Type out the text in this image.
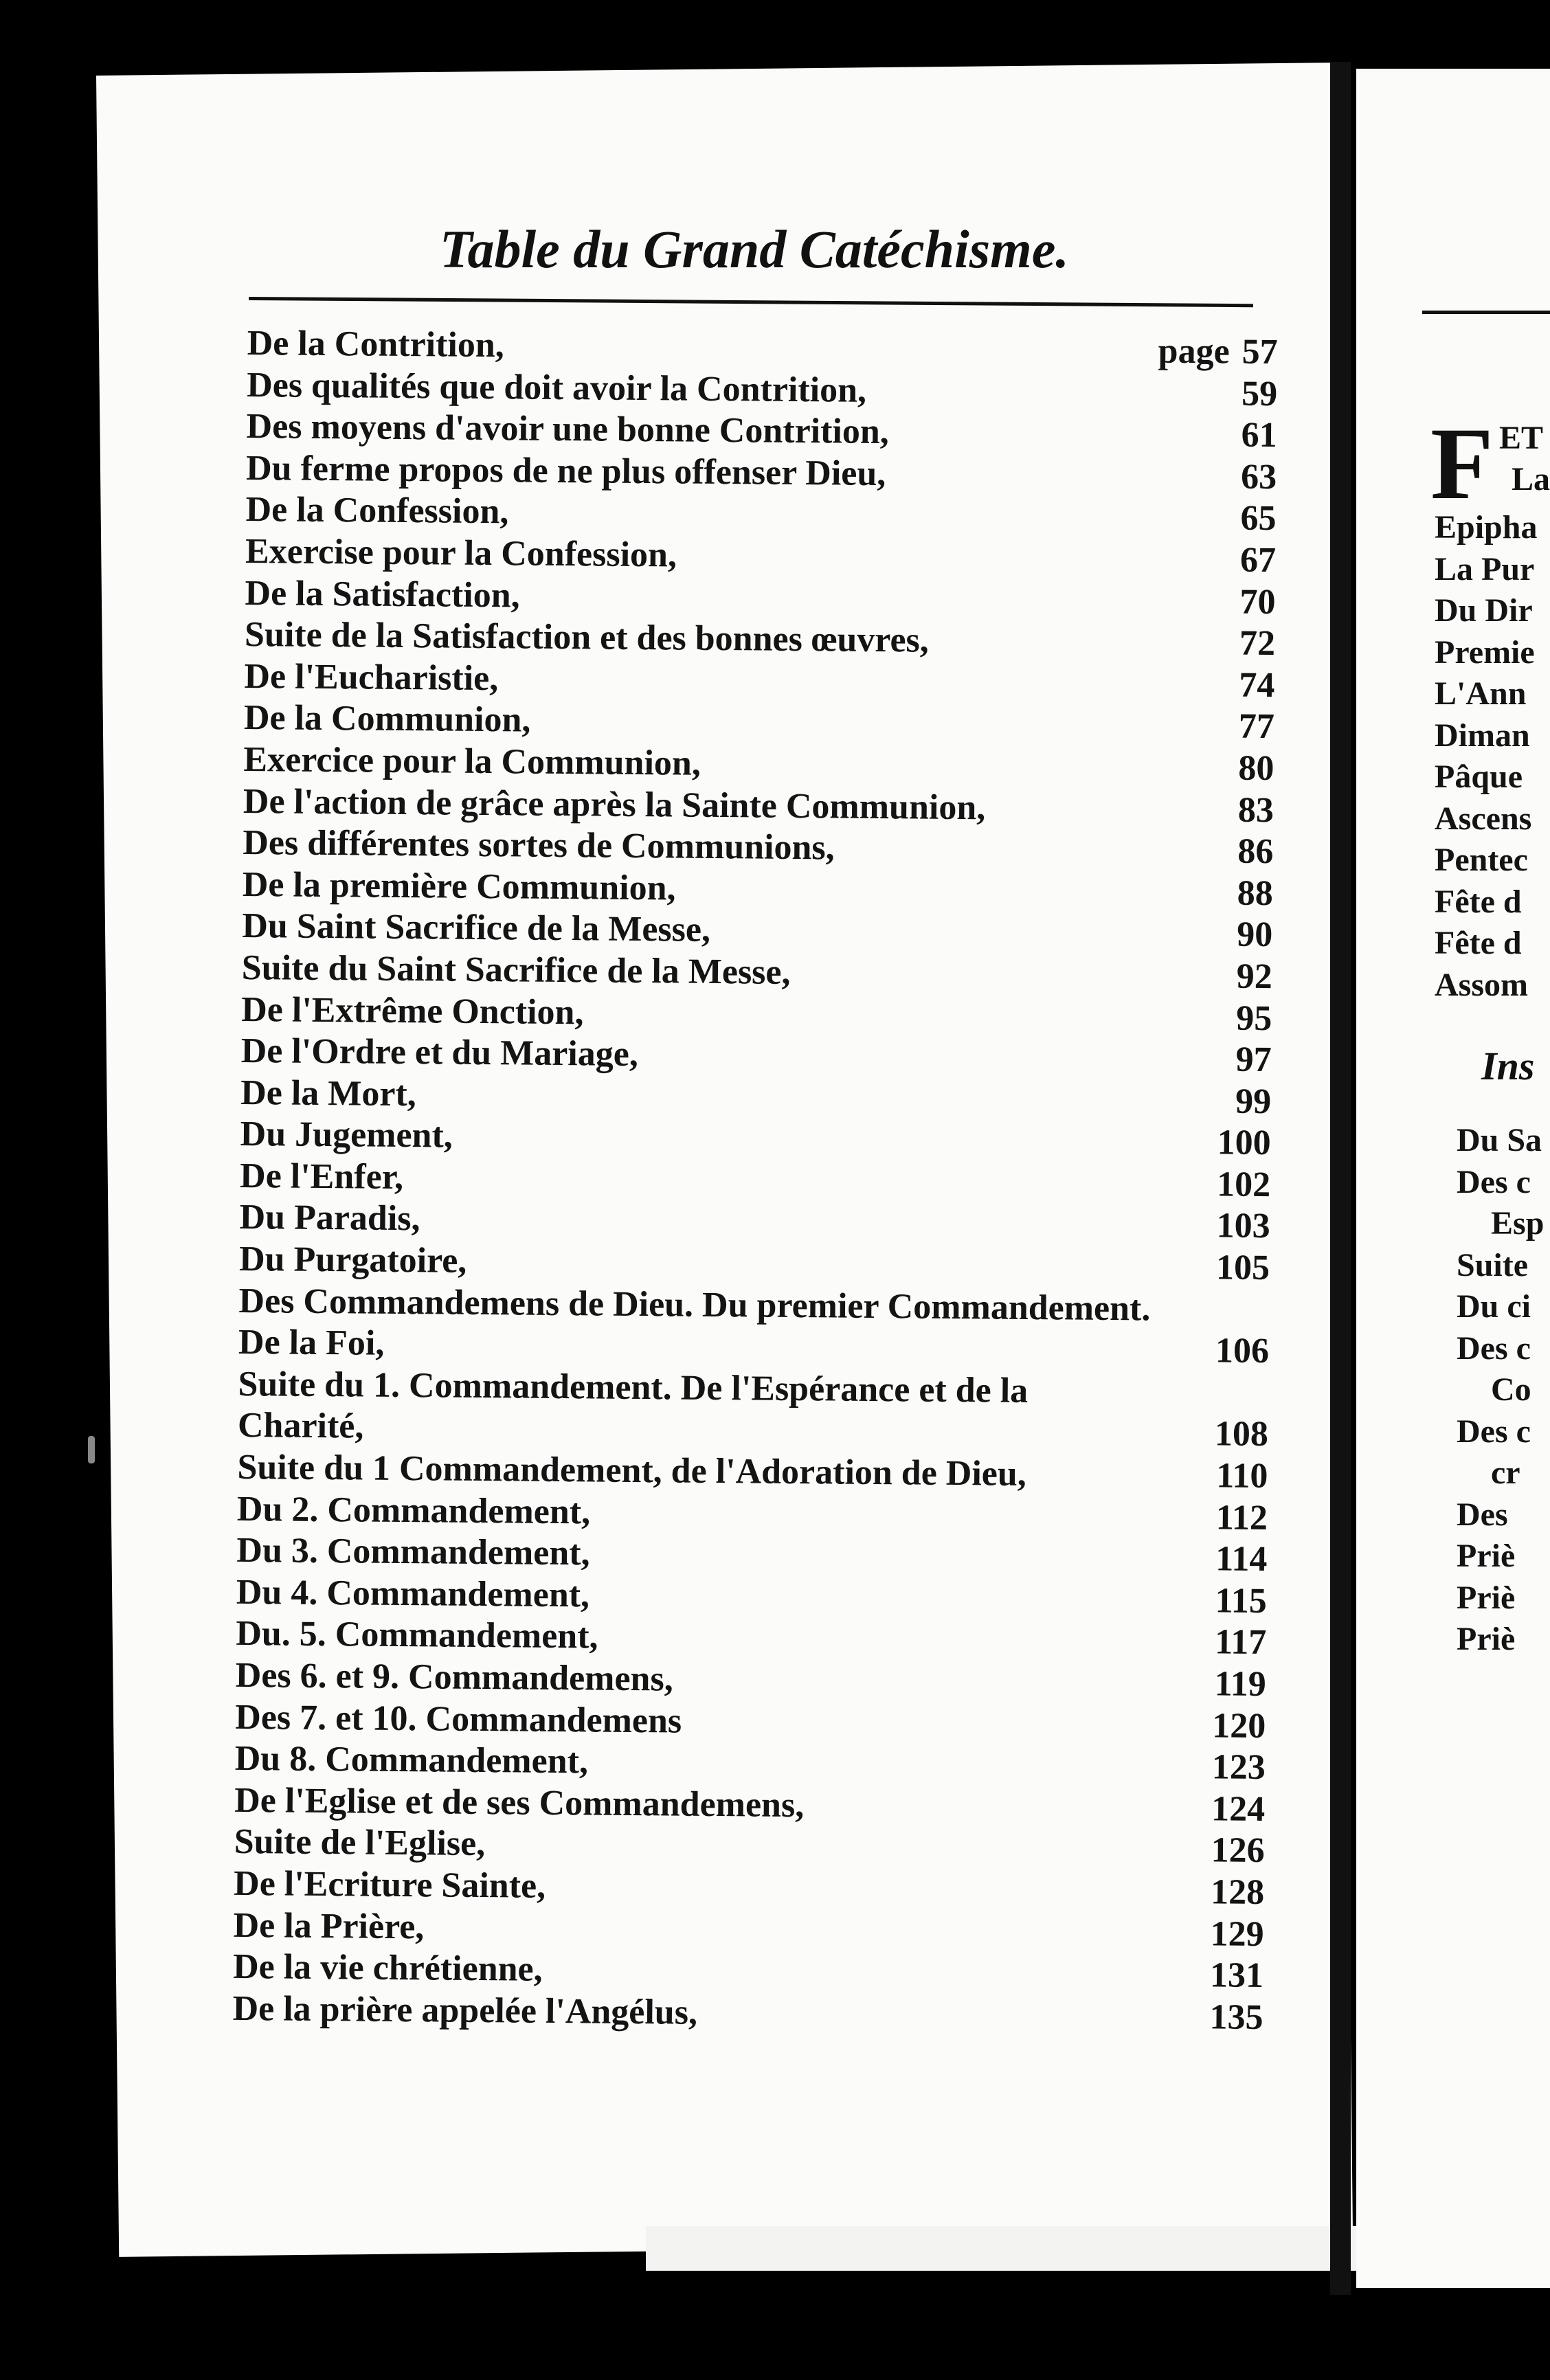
Table du Grand Catéchisme.
De la Contrition,	page 57
Des qualités que doit avoir la Contrition,	59
Des moyens d'avoir une bonne Contrition,	61
Du ferme propos de ne plus offenser Dieu,	63
De la Confession,	65
Exercise pour la Confession,	67
De la Satisfaction,	70
Suite de la Satisfaction et des bonnes œuvres,	72
De l'Eucharistie,	74
De la Communion,	77
Exercice pour la Communion,	80
De l'action de grâce après la Sainte Communion,	83
Des différentes sortes de Communions,	86
De la première Communion,	88
Du Saint Sacrifice de la Messe,	90
Suite du Saint Sacrifice de la Messe,	92
De l'Extrême Onction,	95
De l'Ordre et du Mariage,	97
De la Mort,	99
Du Jugement,	100
De l'Enfer,	102
Du Paradis,	103
Du Purgatoire,	105
Des Commandemens de Dieu. Du premier Commandement. De la Foi,	106
Suite du 1. Commandement. De l'Espérance et de la Charité,	108
Suite du 1 Commandement, de l'Adoration de Dieu,	110
Du 2. Commandement,	112
Du 3. Commandement,	114
Du 4. Commandement,	115
Du. 5. Commandement,	117
Des 6. et 9. Commandemens,	119
Des 7. et 10. Commandemens	120
Du 8. Commandement,	123
De l'Eglise et de ses Commandemens,	124
Suite de l'Eglise,	126
De l'Ecriture Sainte,	128
De la Prière,	129
De la vie chrétienne,	131
De la prière appelée l'Angélus,	135
F ET
La
Epipha
La Pur
Du Dir
Premie
L'Ann
Diman
Pâque
Ascens
Pentec
Fête d
Fête d
Assom
Ins
Du Sa
Des c
Esp
Suite
Du ci
Des c
Co
Des c
cr
Des
Priè
Priè
Priè
